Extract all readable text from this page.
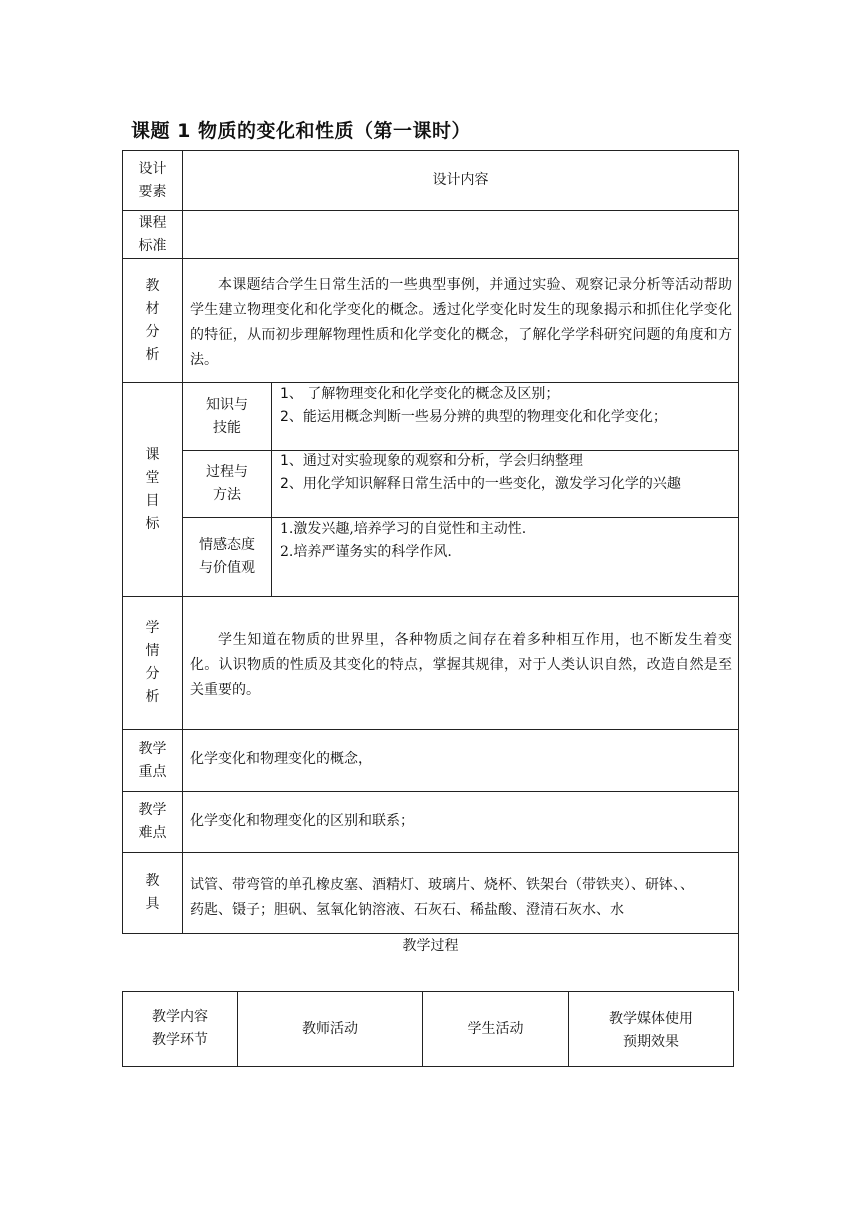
课题 1 物质的变化和性质（第一课时）
设计
要素
设计内容
课程
标准
教
材
分
析
本课题结合学生日常生活的一些典型事例，并通过实验、观察记录分析等活动帮助学生建立物理变化和化学变化的概念。透过化学变化时发生的现象揭示和抓住化学变化的特征，从而初步理解物理性质和化学变化的概念，了解化学学科研究问题的角度和方法。
课
堂
目
标
知识与
技能
1、 了解物理变化和化学变化的概念及区别；
2、能运用概念判断一些易分辨的典型的物理变化和化学变化；
过程与
方法
1、通过对实验现象的观察和分析，学会归纳整理
2、用化学知识解释日常生活中的一些变化，激发学习化学的兴趣
情感态度
与价值观
1.激发兴趣,培养学习的自觉性和主动性.
2.培养严谨务实的科学作风.
学
情
分
析
学生知道在物质的世界里，各种物质之间存在着多种相互作用，也不断发生着变化。认识物质的性质及其变化的特点，掌握其规律，对于人类认识自然，改造自然是至关重要的。
教学
重点
化学变化和物理变化的概念，
教学
难点
化学变化和物理变化的区别和联系；
教
具
试管、带弯管的单孔橡皮塞、酒精灯、玻璃片、烧杯、铁架台（带铁夹）、研钵、、
药匙、镊子；胆矾、氢氧化钠溶液、石灰石、稀盐酸、澄清石灰水、水
教学过程
教学内容
教学环节
教师活动	学生活动
教学媒体使用
预期效果
